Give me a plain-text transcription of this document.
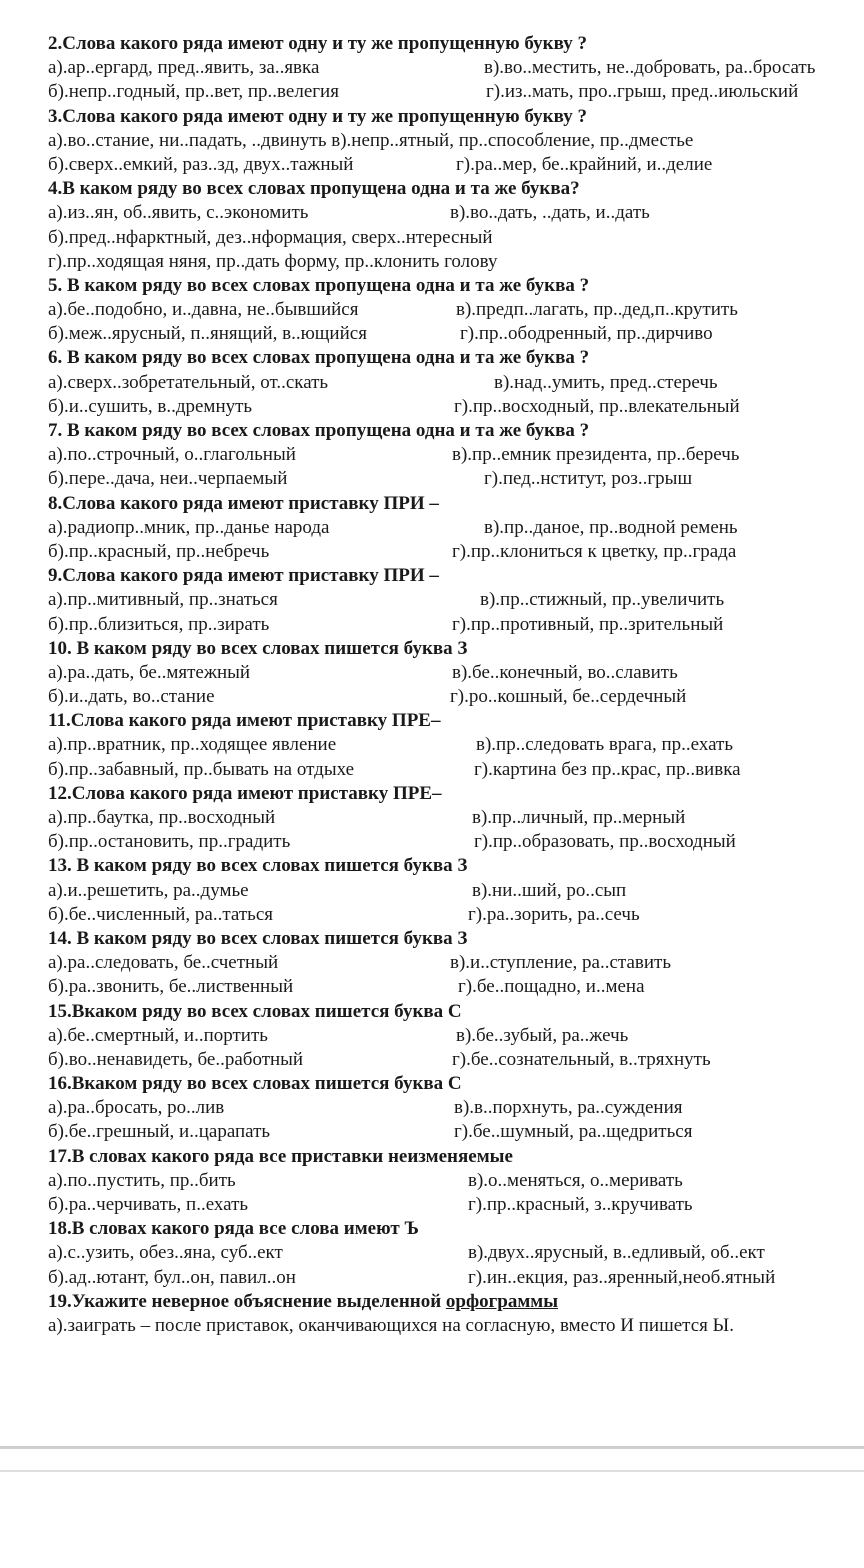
2.Слова какого ряда имеют одну и ту же пропущенную букву ?
а).ар..ергард, пред..явить, за..явка	в).во..местить, не..добровать, ра..бросать
б).непр..годный, пр..вет, пр..велегия	г).из..мать, про..грыш, пред..июльский
3.Слова какого ряда имеют одну и ту же пропущенную букву ?
а).во..стание, ни..падать, ..двинуть в).непр..ятный, пр..способление, пр..дместье
б).сверх..емкий, раз..зд, двух..тажный	г).ра..мер, бе..крайний, и..делие
4.В каком ряду во всех словах пропущена одна и та же буква?
а).из..ян, об..явить, с..экономить	в).во..дать, ..дать, и..дать
б).пред..нфарктный, дез..нформация, сверх..нтересный
г).пр..ходящая няня, пр..дать форму, пр..клонить голову
5. В каком ряду во всех словах пропущена одна и та же буква ?
а).бе..подобно, и..давна, не..бывшийся	в).предп..лагать, пр..дед,п..крутить
б).меж..ярусный, п..янящий, в..ющийся	г).пр..ободренный, пр..дирчиво
6. В каком ряду во всех словах пропущена одна и та же буква ?
а).сверх..зобретательный, от..скать	в).над..умить, пред..стеречь
б).и..сушить, в..дремнуть	г).пр..восходный, пр..влекательный
7. В каком ряду во всех словах пропущена одна и та же буква ?
а).по..строчный, о..глагольный	в).пр..емник президента, пр..беречь
б).пере..дача, неи..черпаемый	г).пед..нститут, роз..грыш
8.Слова какого ряда имеют приставку ПРИ –
а).радиопр..мник, пр..данье народа	в).пр..даное, пр..водной ремень
б).пр..красный, пр..небречь	г).пр..клониться к цветку, пр..града
9.Слова какого ряда имеют приставку ПРИ –
а).пр..митивный, пр..знаться	в).пр..стижный, пр..увеличить
б).пр..близиться, пр..зирать	г).пр..противный, пр..зрительный
10. В каком ряду во всех словах пишется буква З
а).ра..дать, бе..мятежный	в).бе..конечный, во..славить
б).и..дать, во..стание	г).ро..кошный, бе..сердечный
11.Слова какого ряда имеют приставку ПРЕ–
а).пр..вратник, пр..ходящее явление	в).пр..следовать врага, пр..ехать
б).пр..забавный, пр..бывать на отдыхе	г).картина без пр..крас, пр..вивка
12.Слова какого ряда имеют приставку ПРЕ–
а).пр..баутка, пр..восходный	в).пр..личный, пр..мерный
б).пр..остановить, пр..градить	г).пр..образовать, пр..восходный
13. В каком ряду во всех словах пишется буква З
а).и..решетить, ра..думье	в).ни..ший, ро..сып
б).бе..численный, ра..таться	г).ра..зорить, ра..сечь
14. В каком ряду во всех словах пишется буква З
а).ра..следовать, бе..счетный	в).и..ступление, ра..ставить
б).ра..звонить, бе..лиственный	г).бе..пощадно, и..мена
15.Вкаком ряду во всех словах пишется буква С
а).бе..смертный, и..портить	в).бе..зубый, ра..жечь
б).во..ненавидеть, бе..работный	г).бе..сознательный, в..тряхнуть
16.Вкаком ряду во всех словах пишется буква С
а).ра..бросать, ро..лив	в).в..порхнуть, ра..суждения
б).бе..грешный, и..царапать	г).бе..шумный, ра..щедриться
17.В словах какого ряда все приставки неизменяемые
а).по..пустить, пр..бить	в).о..меняться, о..меривать
б).ра..черчивать, п..ехать	г).пр..красный, з..кручивать
18.В словах какого ряда все слова имеют Ъ
а).с..узить, обез..яна, суб..ект	в).двух..ярусный, в..едливый, об..ект
б).ад..ютант, бул..он, павил..он	г).ин..екция, раз..яренный,необ.ятный
19.Укажите неверное объяснение выделенной орфограммы
а).заиграть – после приставок, оканчивающихся на согласную, вместо И пишется Ы.
